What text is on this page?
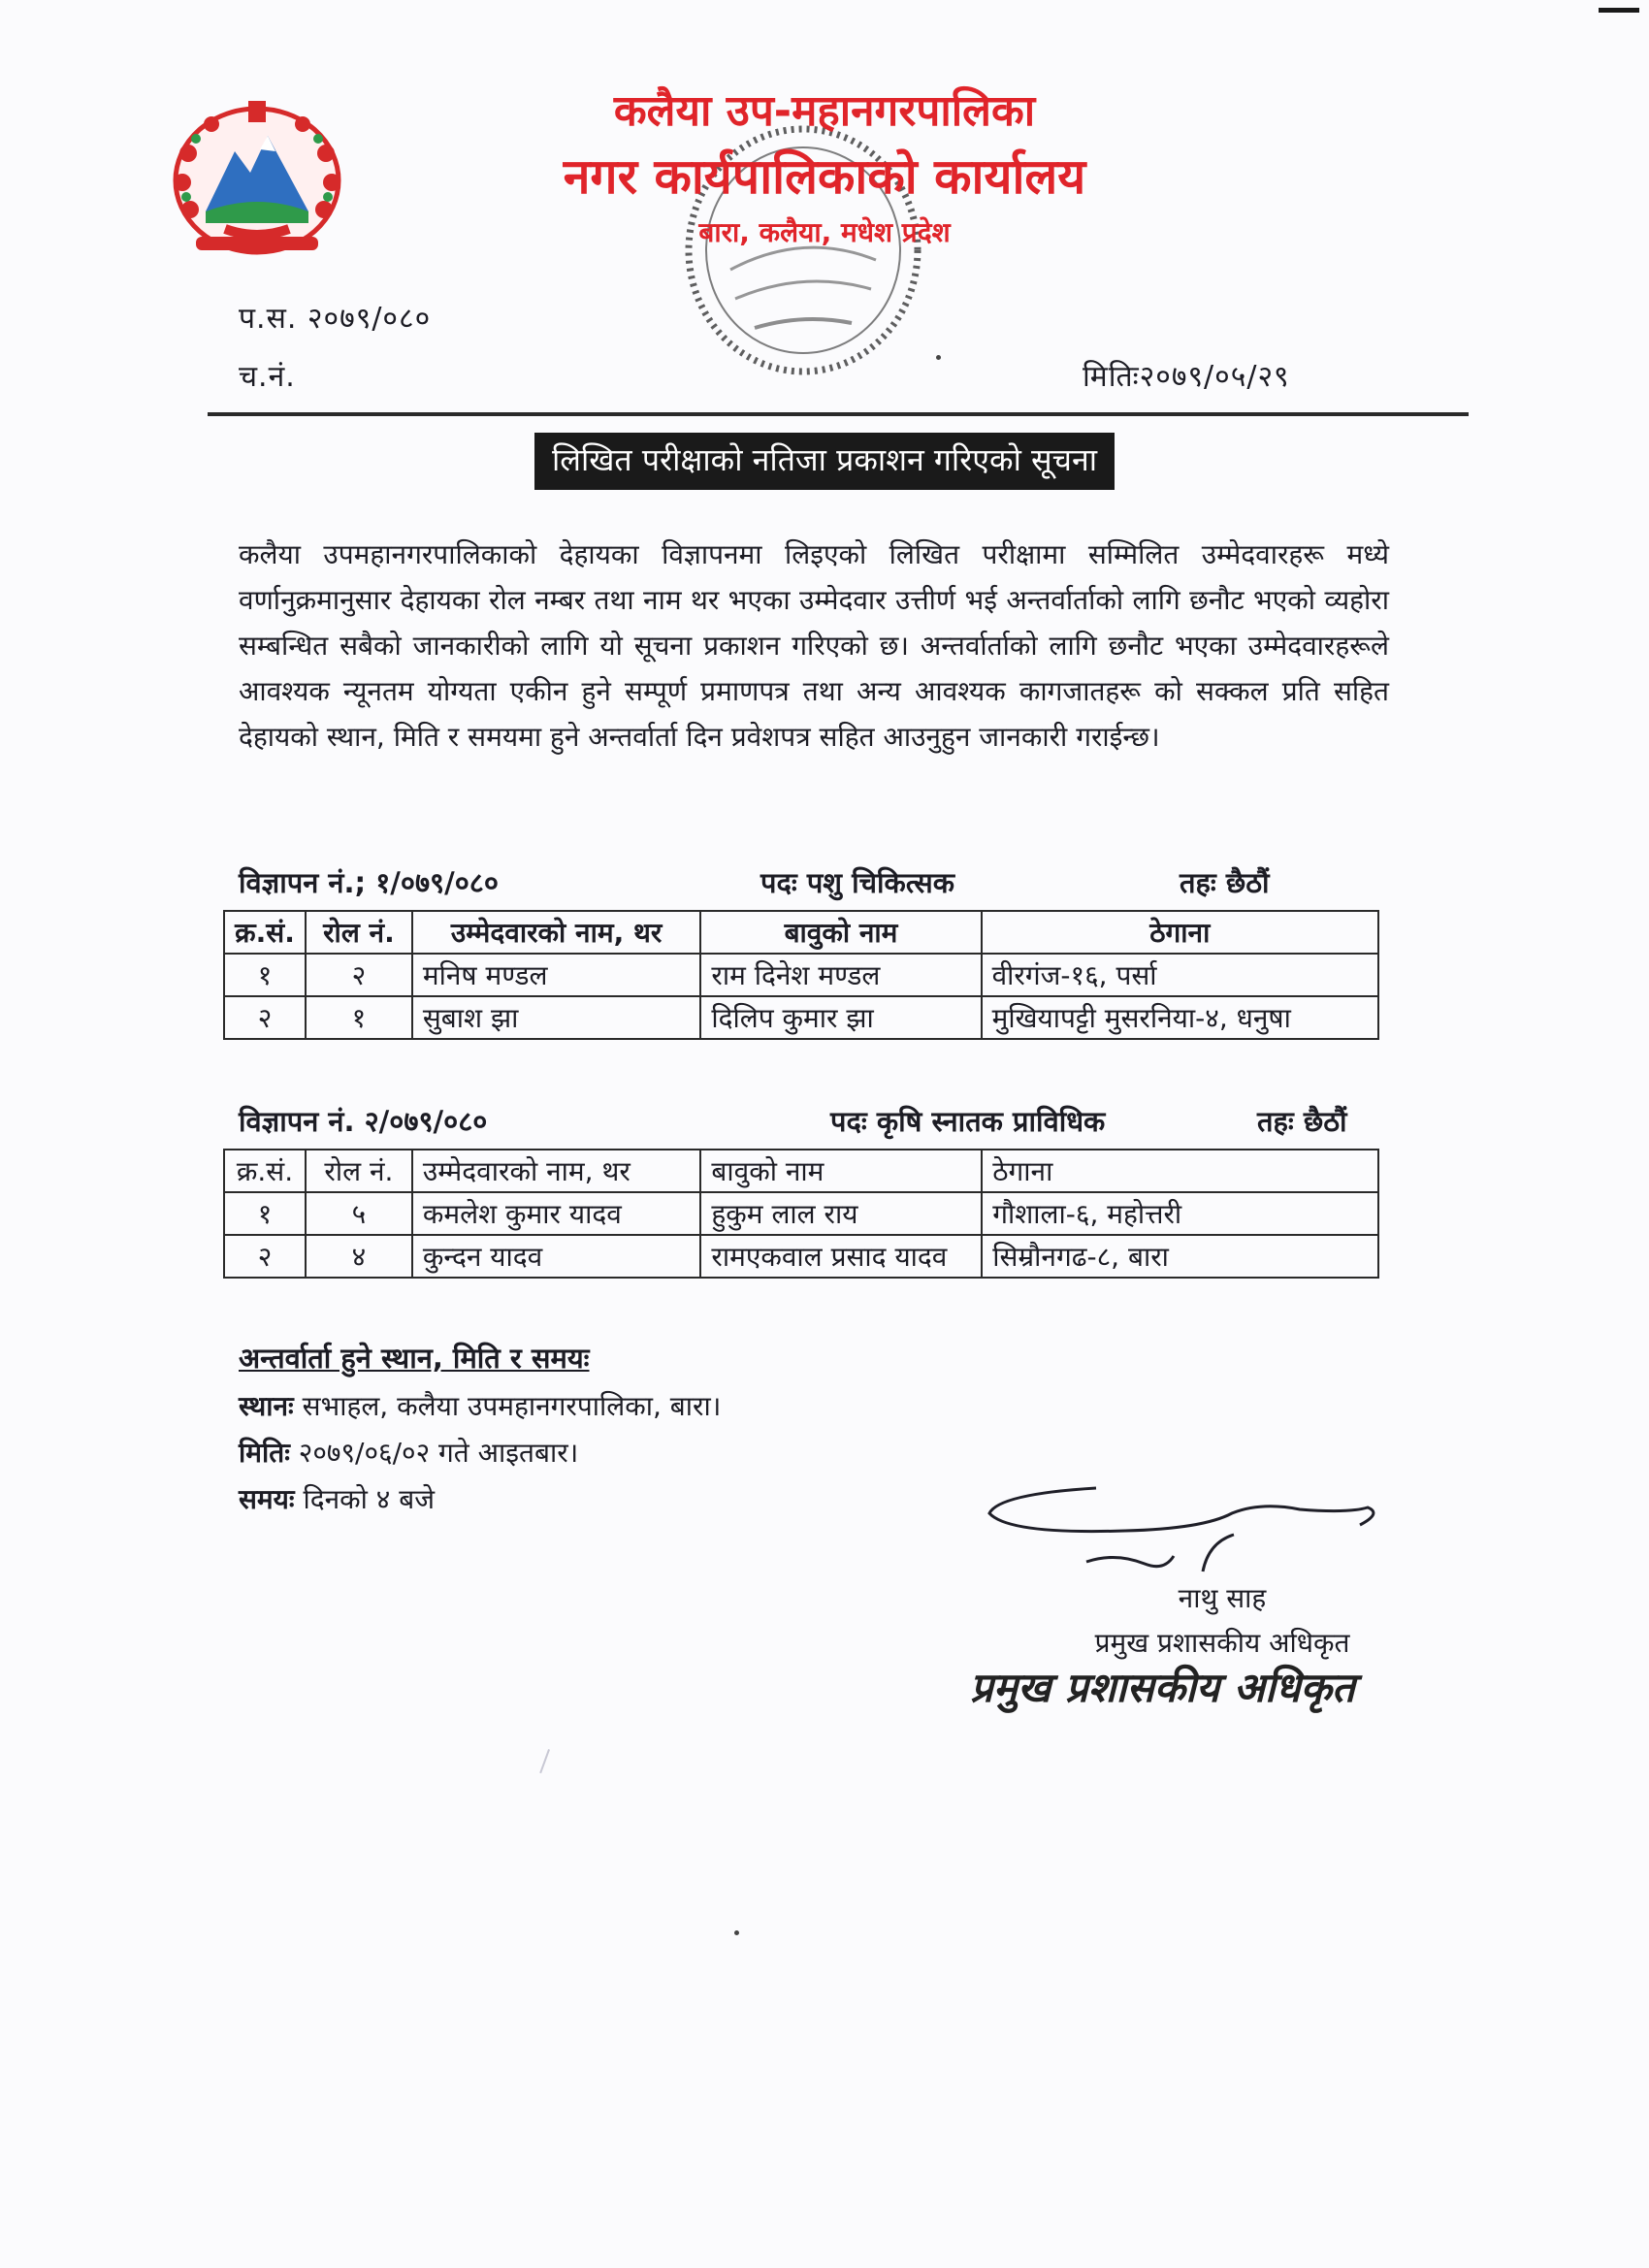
कलैया उप-महानगरपालिका
नगर कार्यपालिकाको कार्यालय
बारा, कलैया, मधेश प्रदेश
प.स. २०७९/०८०
च.नं.	मितिः२०७९/०५/२९
लिखित परीक्षाको नतिजा प्रकाशन गरिएको सूचना
कलैया उपमहानगरपालिकाको देहायका विज्ञापनमा लिइएको लिखित परीक्षामा सम्मिलित उम्मेदवारहरू मध्ये वर्णानुक्रमानुसार देहायका रोल नम्बर तथा नाम थर भएका उम्मेदवार उत्तीर्ण भई अन्तर्वार्ताको लागि छनौट भएको व्यहोरा सम्बन्धित सबैको जानकारीको लागि यो सूचना प्रकाशन गरिएको छ। अन्तर्वार्ताको लागि छनौट भएका उम्मेदवारहरूले आवश्यक न्यूनतम योग्यता एकीन हुने सम्पूर्ण प्रमाणपत्र तथा अन्य आवश्यक कागजातहरू को सक्कल प्रति सहित देहायको स्थान, मिति र समयमा हुने अन्तर्वार्ता दिन प्रवेशपत्र सहित आउनुहुन जानकारी गराईन्छ।
विज्ञापन नं.; १/०७९/०८०	पदः पशु चिकित्सक	तहः छैठौं
क्र.सं.	रोल नं.	उम्मेदवारको नाम, थर	बावुको नाम	ठेगाना
१	२	मनिष मण्डल	राम दिनेश मण्डल	वीरगंज-१६, पर्सा
२	१	सुबाश झा	दिलिप कुमार झा	मुखियापट्टी मुसरनिया-४, धनुषा
विज्ञापन नं. २/०७९/०८०	पदः कृषि स्नातक प्राविधिक	तहः छैठौं
क्र.सं.	रोल नं.	उम्मेदवारको नाम, थर	बावुको नाम	ठेगाना
१	५	कमलेश कुमार यादव	हुकुम लाल राय	गौशाला-६, महोत्तरी
२	४	कुन्दन यादव	रामएकवाल प्रसाद यादव	सिम्रौनगढ-८, बारा
अन्तर्वार्ता हुने स्थान, मिति र समयः
स्थानः सभाहल, कलैया उपमहानगरपालिका, बारा।
मितिः २०७९/०६/०२ गते आइतबार।
समयः दिनको ४ बजे
नाथु साह
प्रमुख प्रशासकीय अधिकृत
प्रमुख प्रशासकीय अधिकृत
